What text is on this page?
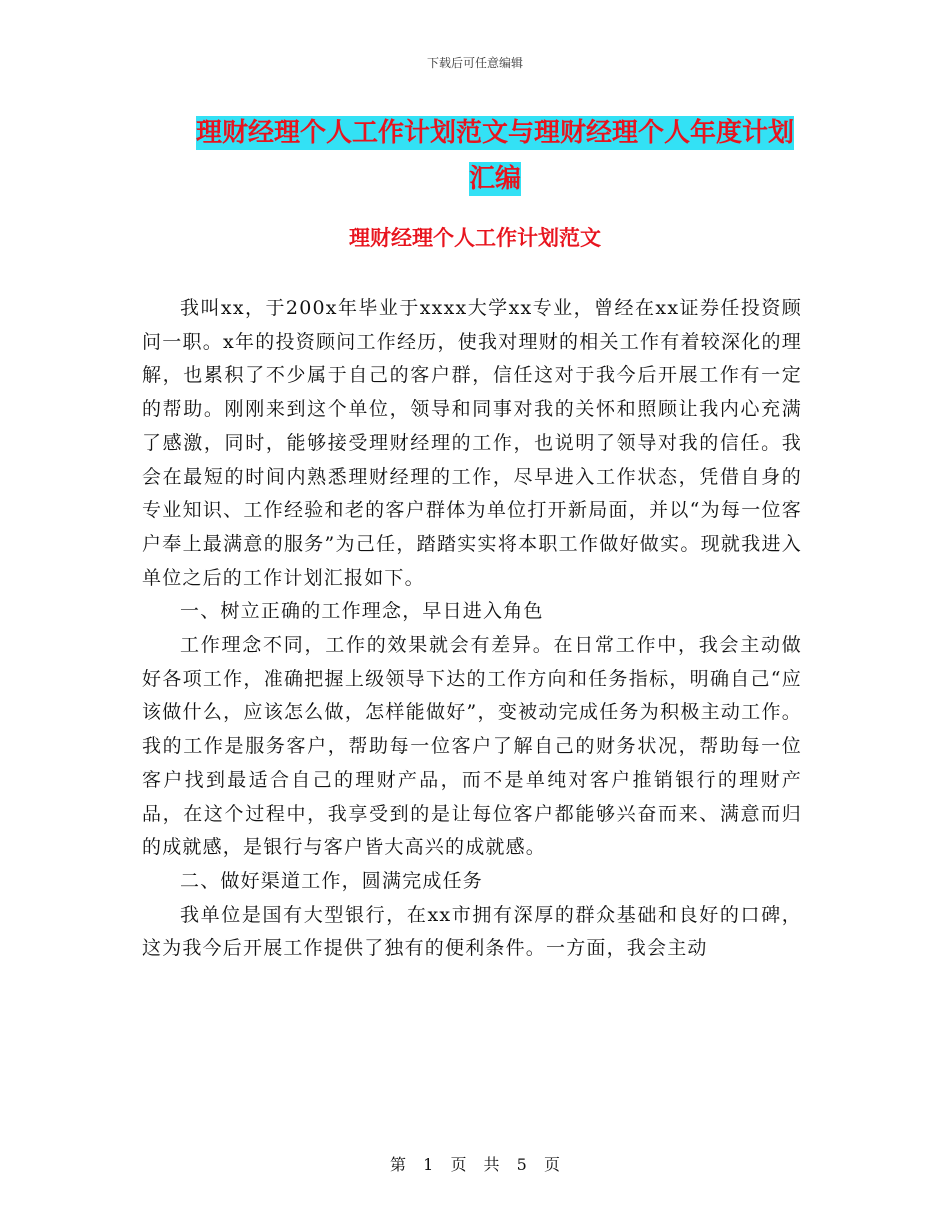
下载后可任意编辑
理财经理个人工作计划范文与理财经理个人年度计划
汇编
理财经理个人工作计划范文

我叫xx，于200x年毕业于xxxx大学xx专业，曾经在xx证券任投资顾问一职。x年的投资顾问工作经历，使我对理财的相关工作有着较深化的理解，也累积了不少属于自己的客户群，信任这对于我今后开展工作有一定的帮助。刚刚来到这个单位，领导和同事对我的关怀和照顾让我内心充满了感激，同时，能够接受理财经理的工作，也说明了领导对我的信任。我会在最短的时间内熟悉理财经理的工作，尽早进入工作状态，凭借自身的专业知识、工作经验和老的客户群体为单位打开新局面，并以“为每一位客户奉上最满意的服务”为己任，踏踏实实将本职工作做好做实。现就我进入单位之后的工作计划汇报如下。

一、树立正确的工作理念，早日进入角色

工作理念不同，工作的效果就会有差异。在日常工作中，我会主动做好各项工作，准确把握上级领导下达的工作方向和任务指标，明确自己“应该做什么，应该怎么做，怎样能做好”，变被动完成任务为积极主动工作。我的工作是服务客户，帮助每一位客户了解自己的财务状况，帮助每一位客户找到最适合自己的理财产品，而不是单纯对客户推销银行的理财产品，在这个过程中，我享受到的是让每位客户都能够兴奋而来、满意而归的成就感，是银行与客户皆大高兴的成就感。

二、做好渠道工作，圆满完成任务

我单位是国有大型银行，在xx市拥有深厚的群众基础和良好的口碑，这为我今后开展工作提供了独有的便利条件。一方面，我会主动

第 1 页 共 5 页
